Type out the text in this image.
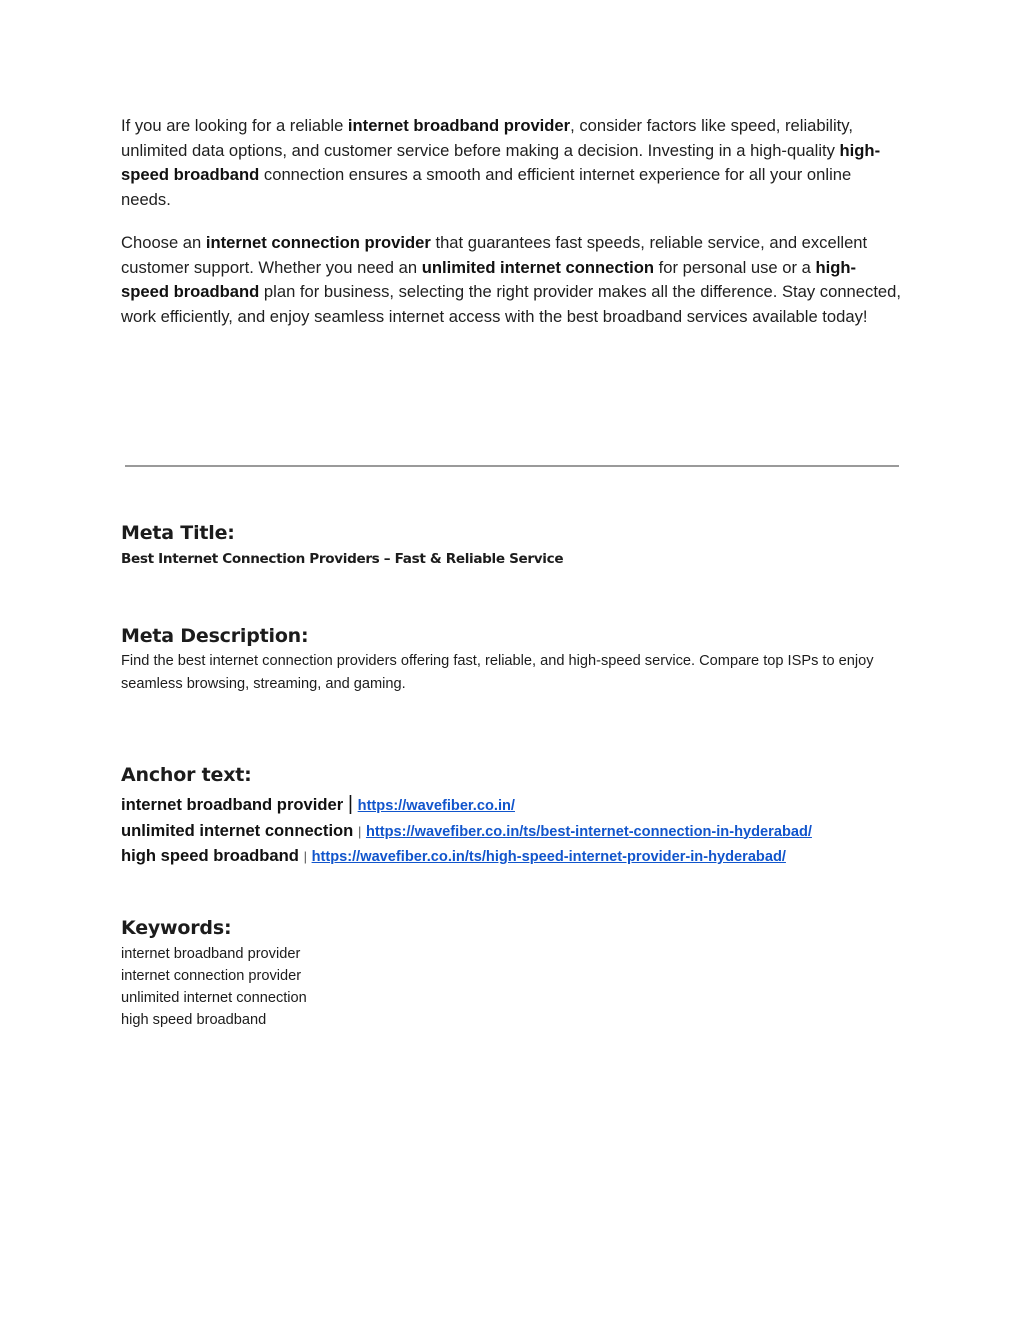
If you are looking for a reliable internet broadband provider, consider factors like speed, reliability, unlimited data options, and customer service before making a decision. Investing in a high-quality high-speed broadband connection ensures a smooth and efficient internet experience for all your online needs.

Choose an internet connection provider that guarantees fast speeds, reliable service, and excellent customer support. Whether you need an unlimited internet connection for personal use or a high-speed broadband plan for business, selecting the right provider makes all the difference. Stay connected, work efficiently, and enjoy seamless internet access with the best broadband services available today!

Meta Title:
Best Internet Connection Providers – Fast & Reliable Service
Meta Description:
Find the best internet connection providers offering fast, reliable, and high-speed service. Compare top ISPs to enjoy seamless browsing, streaming, and gaming.
Anchor text:
internet broadband provider | https://wavefiber.co.in/
unlimited internet connection | https://wavefiber.co.in/ts/best-internet-connection-in-hyderabad/
high speed broadband | https://wavefiber.co.in/ts/high-speed-internet-provider-in-hyderabad/
Keywords:
internet broadband provider
internet connection provider
unlimited internet connection
high speed broadband
